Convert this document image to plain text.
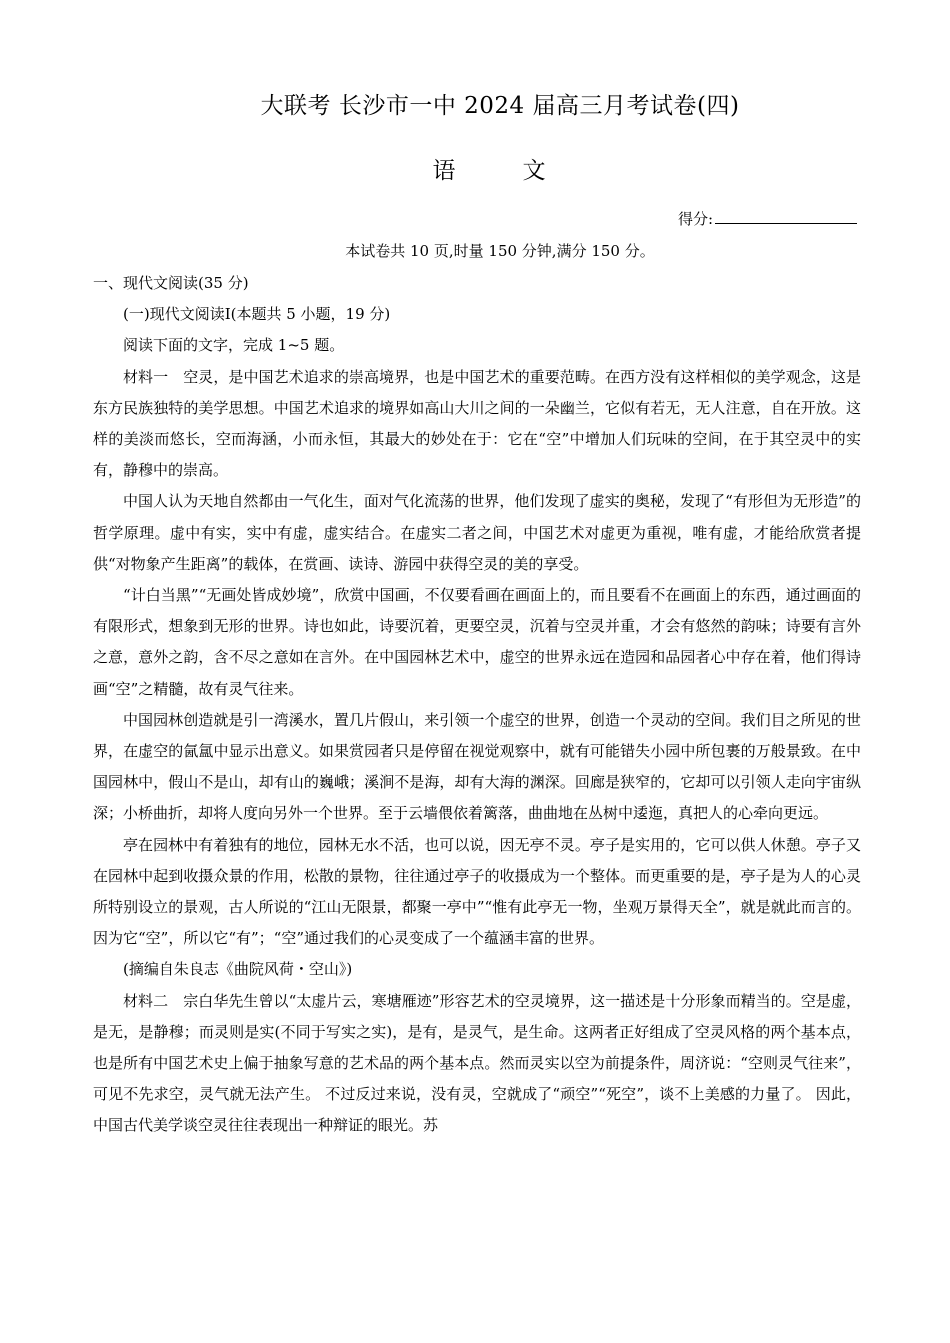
大联考 长沙市一中 2024 届高三月考试卷(四)
语　文
得分:
本试卷共 10 页,时量 150 分钟,满分 150 分。

一、现代文阅读(35 分)

(一)现代文阅读Ⅰ(本题共 5 小题，19 分)

阅读下面的文字，完成 1~5 题。

材料一　空灵，是中国艺术追求的崇高境界，也是中国艺术的重要范畴。在西方没有这样相似的美学观念，这是东方民族独特的美学思想。中国艺术追求的境界如高山大川之间的一朵幽兰，它似有若无，无人注意，自在开放。这样的美淡而悠长，空而海涵，小而永恒，其最大的妙处在于：它在“空”中增加人们玩味的空间，在于其空灵中的实有，静穆中的崇高。

中国人认为天地自然都由一气化生，面对气化流荡的世界，他们发现了虚实的奥秘，发现了“有形但为无形造”的哲学原理。虚中有实，实中有虚，虚实结合。在虚实二者之间，中国艺术对虚更为重视，唯有虚，才能给欣赏者提供“对物象产生距离”的载体，在赏画、读诗、游园中获得空灵的美的享受。

“计白当黑”“无画处皆成妙境”，欣赏中国画，不仅要看画在画面上的，而且要看不在画面上的东西，通过画面的有限形式，想象到无形的世界。诗也如此，诗要沉着，更要空灵，沉着与空灵并重，才会有悠然的韵味；诗要有言外之意，意外之韵，含不尽之意如在言外。在中国园林艺术中，虚空的世界永远在造园和品园者心中存在着，他们得诗画“空”之精髓，故有灵气往来。

中国园林创造就是引一湾溪水，置几片假山，来引领一个虚空的世界，创造一个灵动的空间。我们目之所见的世界，在虚空的氤氲中显示出意义。如果赏园者只是停留在视觉观察中，就有可能错失小园中所包裹的万般景致。在中国园林中，假山不是山，却有山的巍峨；溪涧不是海，却有大海的渊深。回廊是狭窄的，它却可以引领人走向宇宙纵深；小桥曲折，却将人度向另外一个世界。至于云墙偎依着篱落，曲曲地在丛树中逶迤，真把人的心牵向更远。

亭在园林中有着独有的地位，园林无水不活，也可以说，因无亭不灵。亭子是实用的，它可以供人休憩。亭子又在园林中起到收摄众景的作用，松散的景物，往往通过亭子的收摄成为一个整体。而更重要的是，亭子是为人的心灵所特别设立的景观，古人所说的“江山无限景，都聚一亭中”“惟有此亭无一物，坐观万景得天全”，就是就此而言的。 因为它“空”，所以它“有”；“空”通过我们的心灵变成了一个蕴涵丰富的世界。

(摘编自朱良志《曲院风荷・空山》)

材料二　宗白华先生曾以“太虚片云，寒塘雁迹”形容艺术的空灵境界，这一描述是十分形象而精当的。空是虚，是无，是静穆；而灵则是实(不同于写实之实)，是有，是灵气，是生命。这两者正好组成了空灵风格的两个基本点，也是所有中国艺术史上偏于抽象写意的艺术品的两个基本点。然而灵实以空为前提条件，周济说：“空则灵气往来”，可见不先求空，灵气就无法产生。 不过反过来说，没有灵，空就成了“顽空”“死空”，谈不上美感的力量了。 因此，中国古代美学谈空灵往往表现出一种辩证的眼光。苏
